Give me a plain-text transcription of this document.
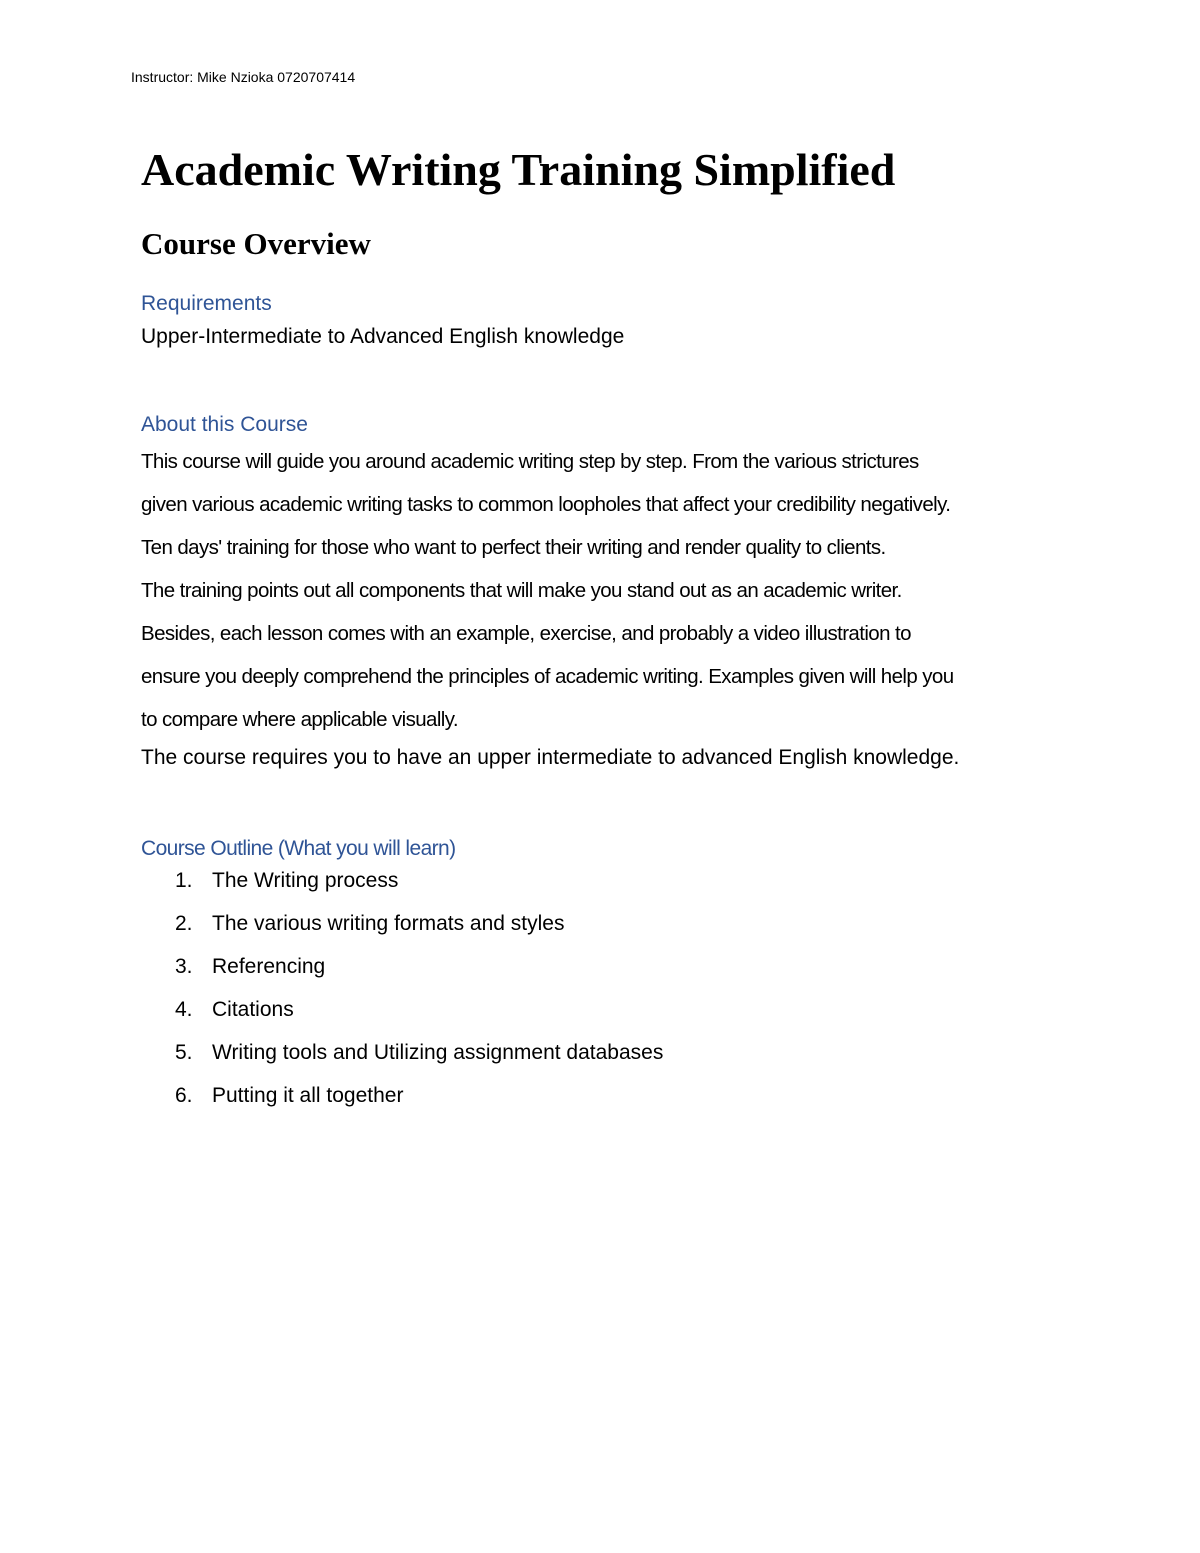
Instructor: Mike Nzioka 0720707414
Academic Writing Training Simplified
Course Overview
Requirements
Upper-Intermediate to Advanced English knowledge
About this Course
This course will guide you around academic writing step by step. From the various strictures
given various academic writing tasks to common loopholes that affect your credibility negatively.
Ten days' training for those who want to perfect their writing and render quality to clients.
The training points out all components that will make you stand out as an academic writer.
Besides, each lesson comes with an example, exercise, and probably a video illustration to
ensure you deeply comprehend the principles of academic writing. Examples given will help you
to compare where applicable visually.
The course requires you to have an upper intermediate to advanced English knowledge.
Course Outline (What you will learn)
1. The Writing process
2. The various writing formats and styles
3. Referencing
4. Citations
5. Writing tools and Utilizing assignment databases
6. Putting it all together
